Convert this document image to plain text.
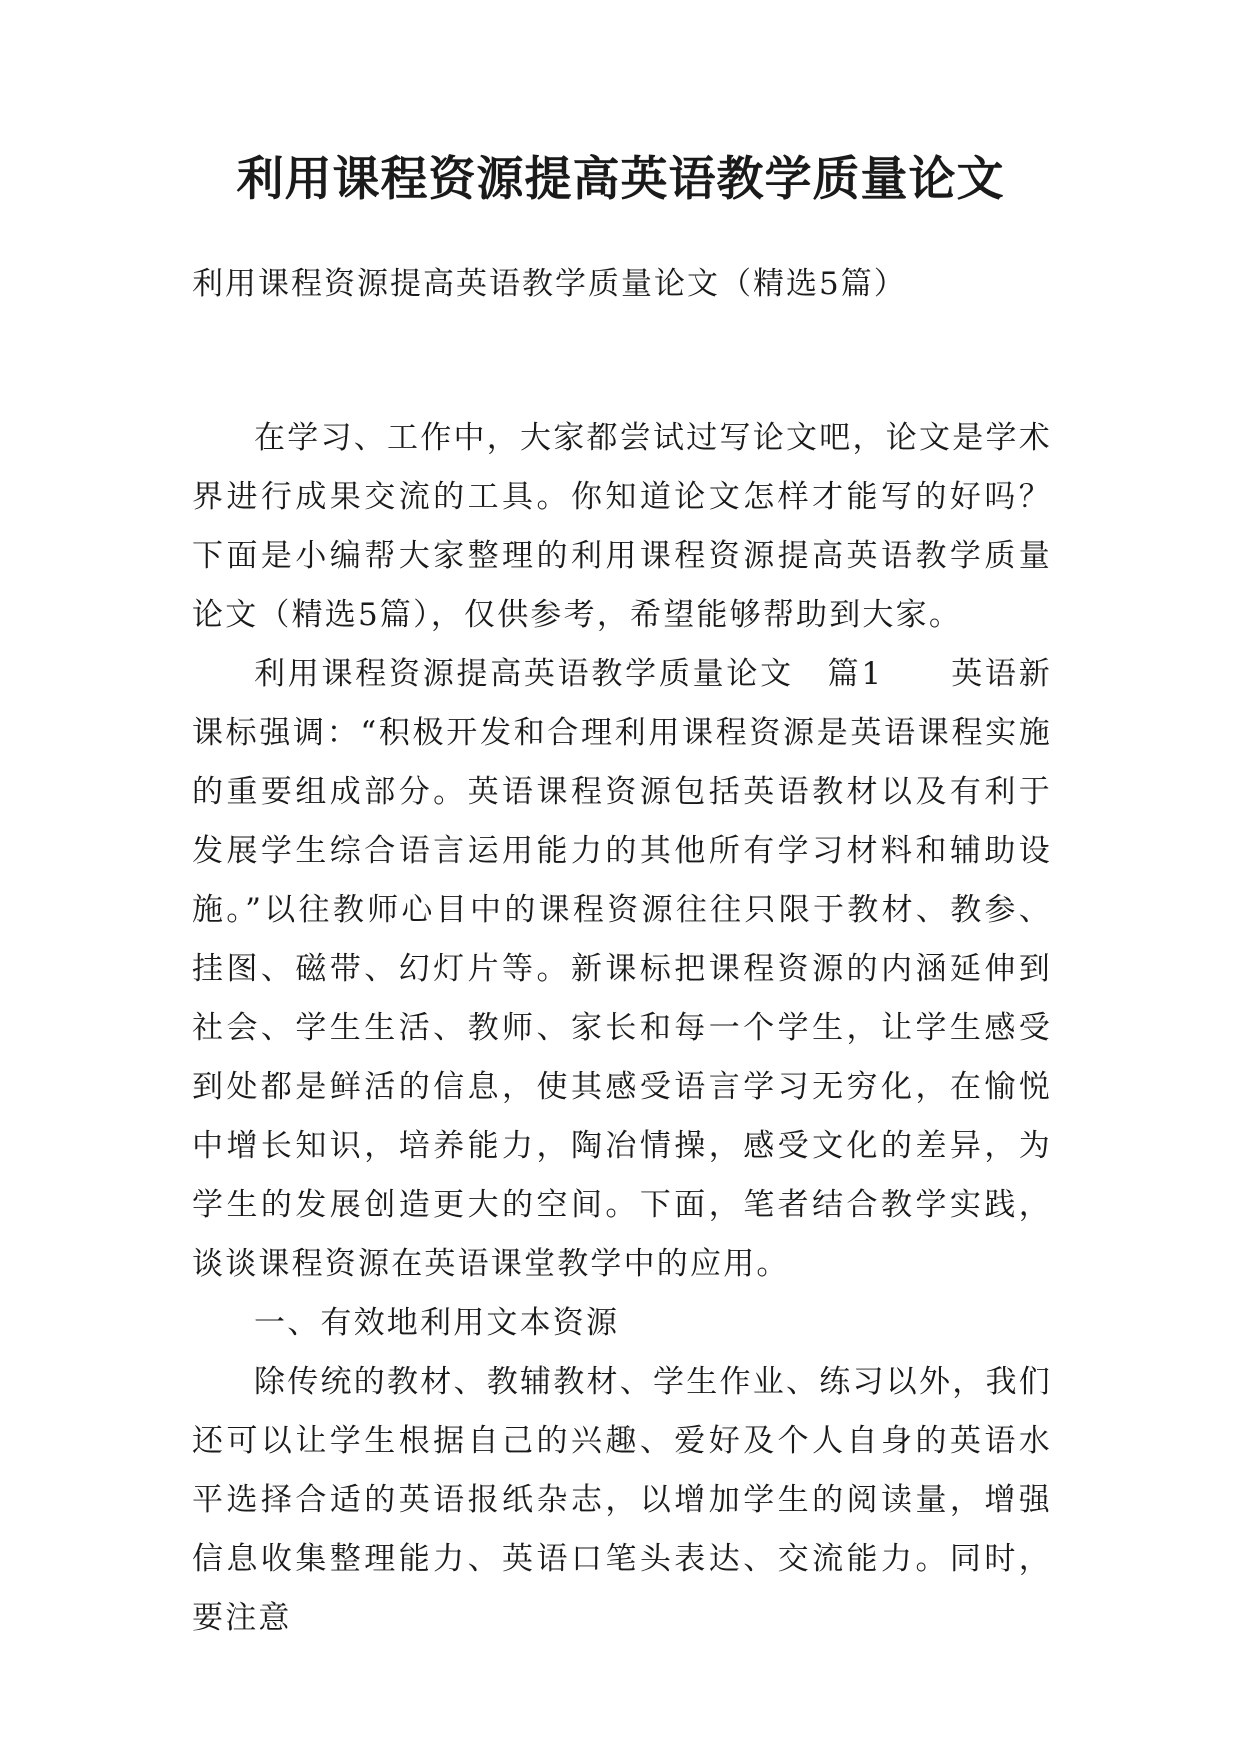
利用课程资源提高英语教学质量论文
利用课程资源提高英语教学质量论文（精选5篇）

在学习、工作中，大家都尝试过写论文吧，论文是学术界进行成果交流的工具。你知道论文怎样才能写的好吗？下面是小编帮大家整理的利用课程资源提高英语教学质量论文（精选5篇），仅供参考，希望能够帮助到大家。

利用课程资源提高英语教学质量论文　篇1　　英语新课标强调：“积极开发和合理利用课程资源是英语课程实施的重要组成部分。英语课程资源包括英语教材以及有利于发展学生综合语言运用能力的其他所有学习材料和辅助设施。”以往教师心目中的课程资源往往只限于教材、教参、挂图、磁带、幻灯片等。新课标把课程资源的内涵延伸到社会、学生生活、教师、家长和每一个学生，让学生感受到处都是鲜活的信息，使其感受语言学习无穷化，在愉悦中增长知识，培养能力，陶冶情操，感受文化的差异，为学生的发展创造更大的空间。下面，笔者结合教学实践，谈谈课程资源在英语课堂教学中的应用。

一、有效地利用文本资源

除传统的教材、教辅教材、学生作业、练习以外，我们还可以让学生根据自己的兴趣、爱好及个人自身的英语水平选择合适的英语报纸杂志，以增加学生的阅读量，增强信息收集整理能力、英语口笔头表达、交流能力。同时，要注意
